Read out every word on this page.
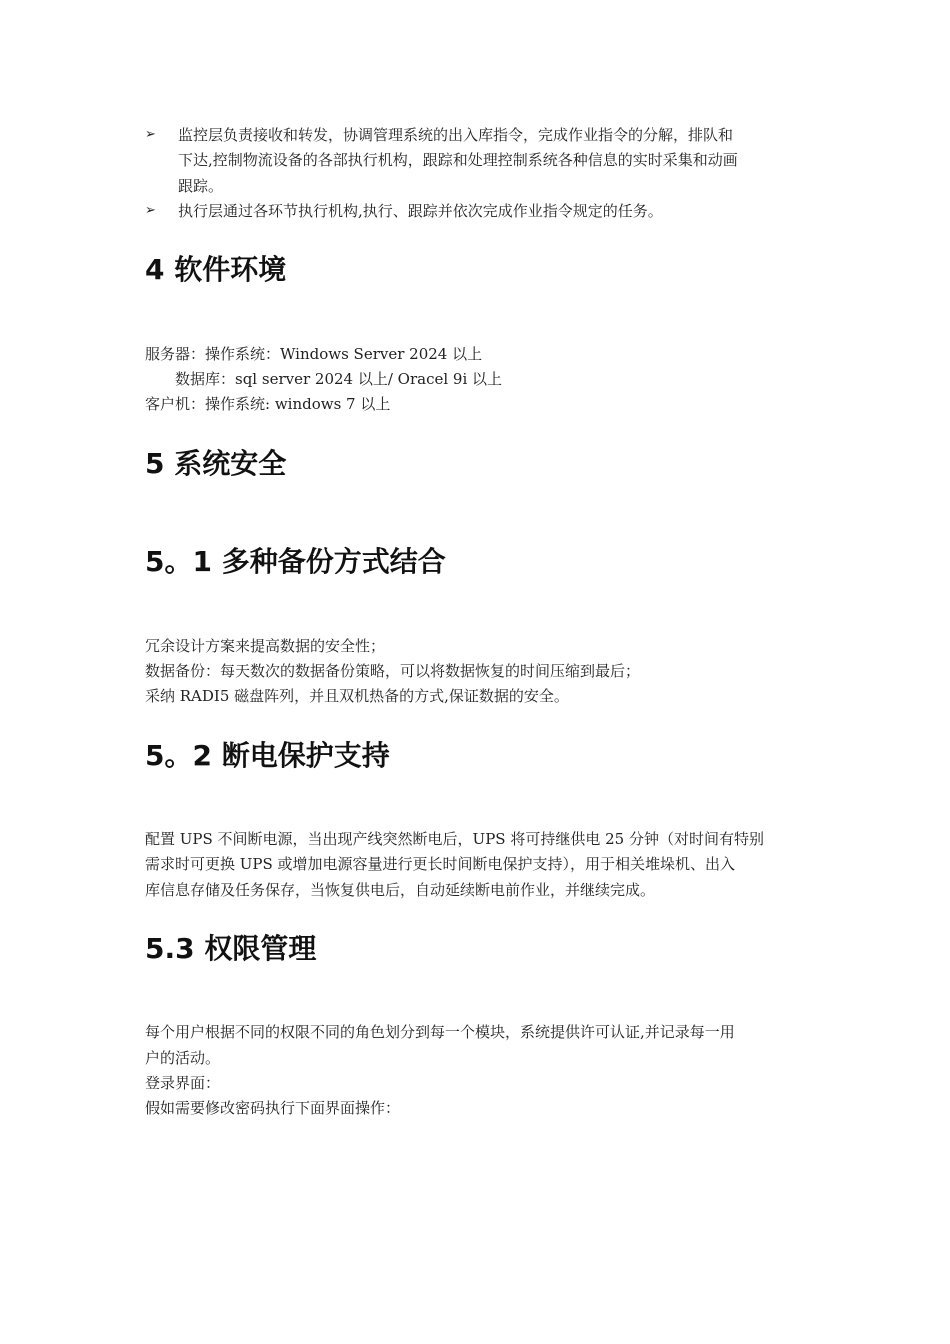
➢ 监控层负责接收和转发，协调管理系统的出入库指令，完成作业指令的分解，排队和
下达,控制物流设备的各部执行机构，跟踪和处理控制系统各种信息的实时采集和动画
跟踪。
➢ 执行层通过各环节执行机构,执行、跟踪并依次完成作业指令规定的任务。
4 软件环境
服务器：操作系统：Windows Server 2024 以上
数据库：sql server 2024 以上/ Oracel 9i 以上
客户机：操作系统: windows 7 以上
5 系统安全
5。1 多种备份方式结合
冗余设计方案来提高数据的安全性；
数据备份：每天数次的数据备份策略，可以将数据恢复的时间压缩到最后；
采纳 RADI5 磁盘阵列，并且双机热备的方式,保证数据的安全。
5。2 断电保护支持
配置 UPS 不间断电源，当出现产线突然断电后，UPS 将可持继供电 25 分钟（对时间有特别
需求时可更换 UPS 或增加电源容量进行更长时间断电保护支持），用于相关堆垛机、出入
库信息存储及任务保存，当恢复供电后，自动延续断电前作业，并继续完成。
5.3 权限管理
每个用户根据不同的权限不同的角色划分到每一个模块，系统提供许可认证,并记录每一用
户的活动。
登录界面：
假如需要修改密码执行下面界面操作：
